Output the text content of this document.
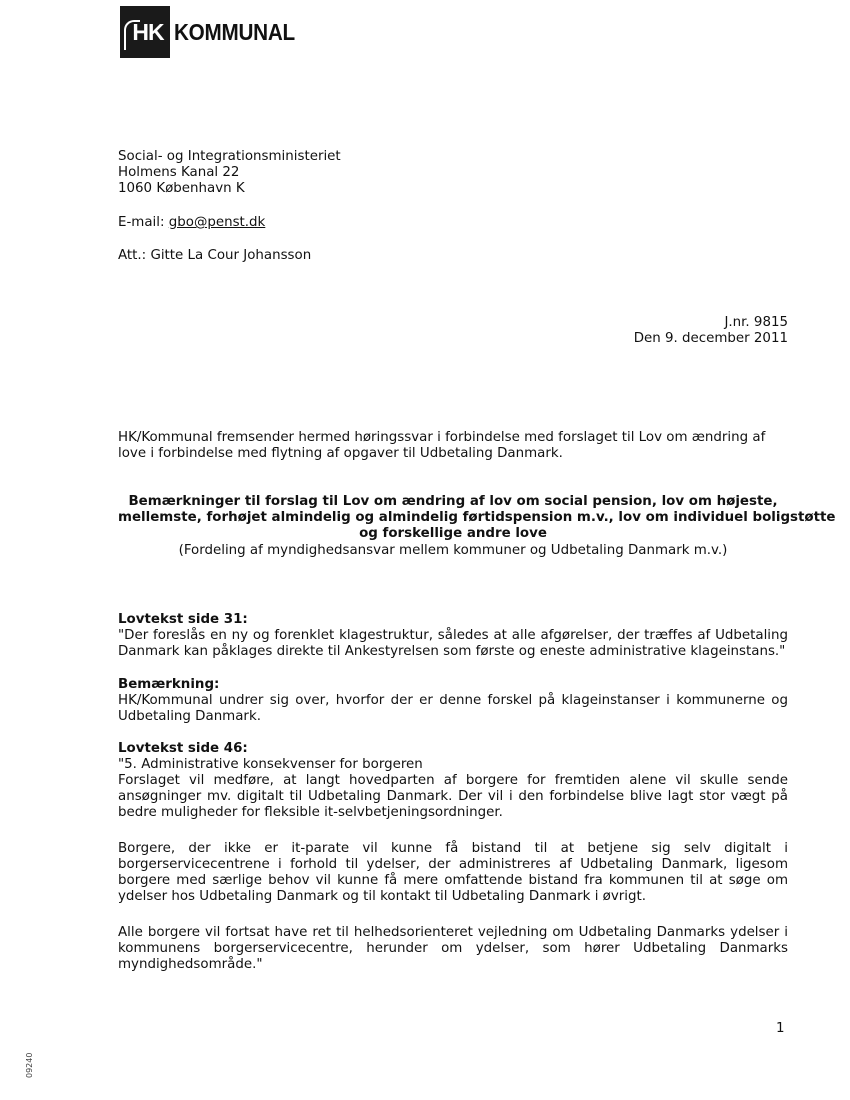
HK KOMMUNAL
Social- og Integrationsministeriet
Holmens Kanal 22
1060 København K
E-mail: gbo@penst.dk
Att.: Gitte La Cour Johansson
J.nr. 9815
Den 9. december 2011
HK/Kommunal fremsender hermed høringssvar i forbindelse med forslaget til Lov om ændring af love i forbindelse med flytning af opgaver til Udbetaling Danmark.
Bemærkninger til forslag til Lov om ændring af lov om social pension, lov om højeste,
mellemste, forhøjet almindelig og almindelig førtidspension m.v., lov om individuel boligstøtte
og forskellige andre love
(Fordeling af myndighedsansvar mellem kommuner og Udbetaling Danmark m.v.)
Lovtekst side 31:
"Der foreslås en ny og forenklet klagestruktur, således at alle afgørelser, der træffes af Udbetaling Danmark kan påklages direkte til Ankestyrelsen som første og eneste administrative klageinstans."
Bemærkning:
HK/Kommunal undrer sig over, hvorfor der er denne forskel på klageinstanser i kommunerne og Udbetaling Danmark.
Lovtekst side 46:
"5. Administrative konsekvenser for borgeren
Forslaget vil medføre, at langt hovedparten af borgere for fremtiden alene vil skulle sende ansøgninger mv. digitalt til Udbetaling Danmark. Der vil i den forbindelse blive lagt stor vægt på bedre muligheder for fleksible it-selvbetjeningsordninger.
Borgere, der ikke er it-parate vil kunne få bistand til at betjene sig selv digitalt i borgerservicecentrene i forhold til ydelser, der administreres af Udbetaling Danmark, ligesom borgere med særlige behov vil kunne få mere omfattende bistand fra kommunen til at søge om ydelser hos Udbetaling Danmark og til kontakt til Udbetaling Danmark i øvrigt.
Alle borgere vil fortsat have ret til helhedsorienteret vejledning om Udbetaling Danmarks ydelser i kommunens borgerservicecentre, herunder om ydelser, som hører Udbetaling Danmarks myndighedsområde."
1
09240
